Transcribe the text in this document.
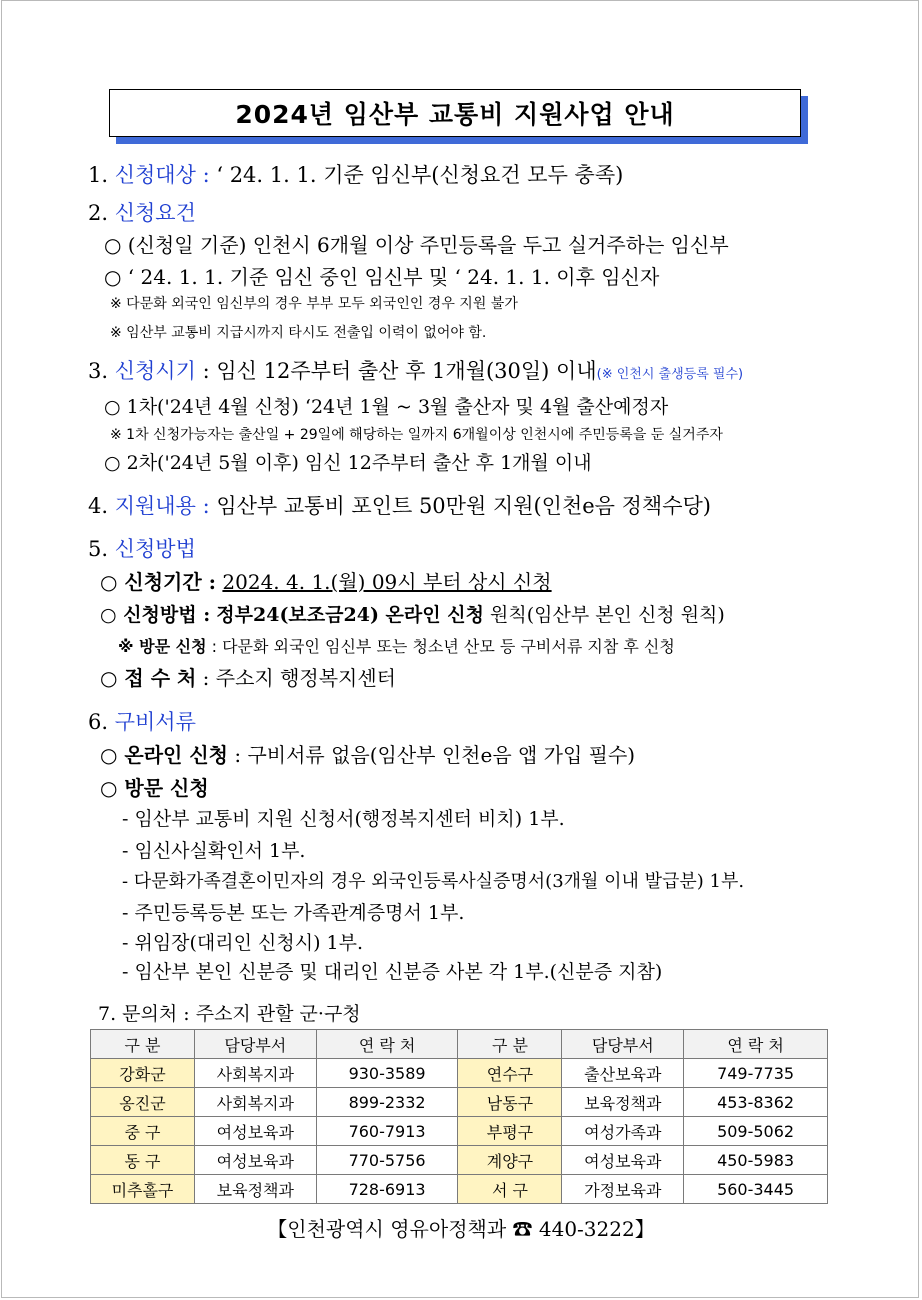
2024년 임산부 교통비 지원사업 안내
1. 신청대상 : ‘ 24. 1. 1. 기준 임신부(신청요건 모두 충족)
2. 신청요건
○ (신청일 기준) 인천시 6개월 이상 주민등록을 두고 실거주하는 임신부
○ ‘ 24. 1. 1. 기준 임신 중인 임신부 및 ‘ 24. 1. 1. 이후 임신자
※ 다문화 외국인 임신부의 경우 부부 모두 외국인인 경우 지원 불가
※ 임산부 교통비 지급시까지 타시도 전출입 이력이 없어야 함.
3. 신청시기 : 임신 12주부터 출산 후 1개월(30일) 이내(※ 인천시 출생등록 필수)
○ 1차('24년 4월 신청) ‘24년 1월 ~ 3월 출산자 및 4월 출산예정자
※ 1차 신청가능자는 출산일 + 29일에 해당하는 일까지 6개월이상 인천시에 주민등록을 둔 실거주자
○ 2차('24년 5월 이후) 임신 12주부터 출산 후 1개월 이내
4. 지원내용 : 임산부 교통비 포인트 50만원 지원(인천e음 정책수당)
5. 신청방법
○ 신청기간 : 2024. 4. 1.(월) 09시 부터 상시 신청
○ 신청방법 : 정부24(보조금24) 온라인 신청 원칙(임산부 본인 신청 원칙)
※ 방문 신청 : 다문화 외국인 임신부 또는 청소년 산모 등 구비서류 지참 후 신청
○ 접 수 처 : 주소지 행정복지센터
6. 구비서류
○ 온라인 신청 : 구비서류 없음(임산부 인천e음 앱 가입 필수)
○ 방문 신청
- 임산부 교통비 지원 신청서(행정복지센터 비치) 1부.
- 임신사실확인서 1부.
- 다문화가족결혼이민자의 경우 외국인등록사실증명서(3개월 이내 발급분) 1부.
- 주민등록등본 또는 가족관계증명서 1부.
- 위임장(대리인 신청시) 1부.
- 임산부 본인 신분증 및 대리인 신분증 사본 각 1부.(신분증 지참)
7. 문의처 : 주소지 관할 군·구청
구 분	담당부서	연 락 처	구 분	담당부서	연 락 처
강화군	사회복지과	930-3589	연수구	출산보육과	749-7735
옹진군	사회복지과	899-2332	남동구	보육정책과	453-8362
중 구	여성보육과	760-7913	부평구	여성가족과	509-5062
동 구	여성보육과	770-5756	계양구	여성보육과	450-5983
미추홀구	보육정책과	728-6913	서 구	가정보육과	560-3445
【인천광역시 영유아정책과 ☎ 440-3222】
